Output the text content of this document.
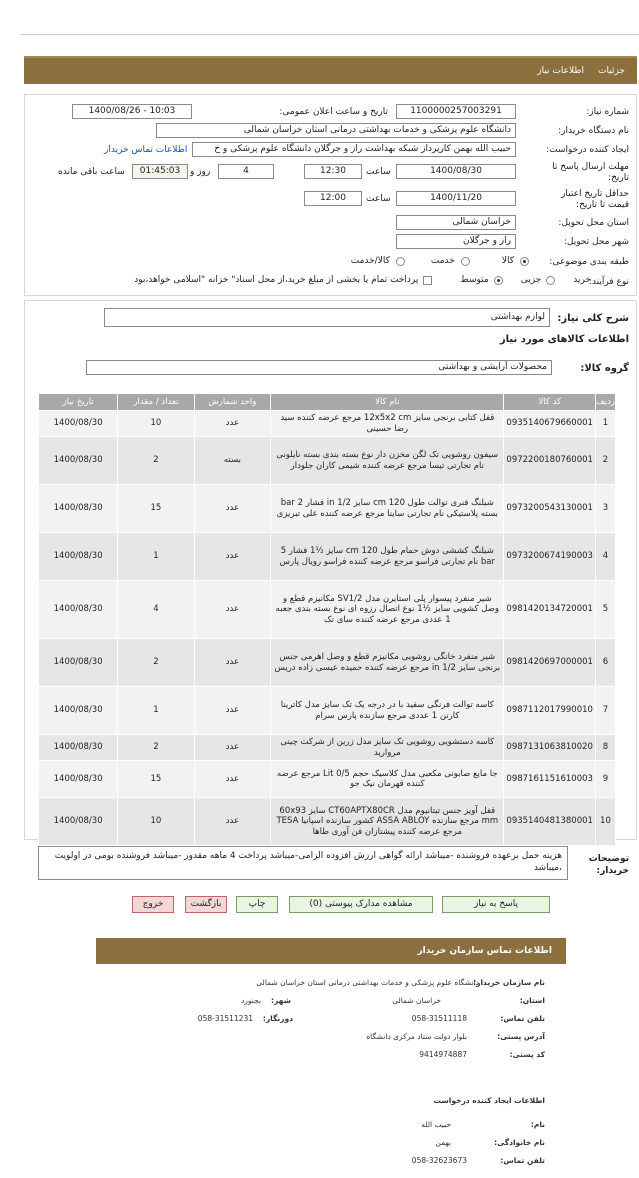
جزئیات
اطلاعات نیاز
شماره نیاز:
1100000257003291
تاریخ و ساعت اعلان عمومی:
1400/08/26 - 10:03
نام دستگاه خریدار:
دانشگاه علوم پزشکی و خدمات بهداشتی درمانی استان خراسان شمالی
ایجاد کننده درخواست:
حبیب الله بهمن کارپرداز شبکه بهداشت راز و جرگلان دانشگاه علوم پزشکی و خ
اطلاعات تماس خریدار
مهلت ارسال پاسخ تا تاریخ:
1400/08/30
ساعت
12:30
4
روز و
01:45:03
ساعت باقی مانده
حداقل تاریخ اعتبار قیمت تا تاریخ:
1400/11/20
ساعت
12:00
استان محل تحویل:
خراسان شمالی
شهر محل تحویل:
راز و جرگلان
طبقه بندی موضوعی:
کالا
خدمت
کالا/خدمت
نوع فرآیند:
خرید
جزیی
متوسط
پرداخت تمام یا بخشی از مبلغ خرید،از محل اسناد" خزانه "اسلامی خواهد،بود
شرح کلی نیاز:
لوازم بهداشتی
اطلاعات کالاهای مورد نیاز
گروه کالا:
محصولات آرایشی و بهداشتی
ردیف	کد کالا	نام کالا	واحد شمارش	تعداد / مقدار	تاریخ نیاز
1	0935140679660001	قفل کتابی برنجی سایز 12x5x2 cm مرجع عرضه کننده سید رضا حسینی	عدد	10	1400/08/30
2	0972200180760001	سیفون روشویی تک لگن مخزن دار نوع بسته بندی بسته نایلونی نام تجارتی تیسا مرجع عرضه کننده شیمی کاران جلودار	بسته	2	1400/08/30
3	0973200543130001	شیلنگ فنری توالت طول 120 cm سایز 1/2 in فشار 2 bar بسته پلاستیکی نام تجارتی ساینا مرجع عرضه کننده علی تبریزی	عدد	15	1400/08/30
4	0973200674190003	شیلنگ کششی دوش حمام طول 120 cm سایز ½1 فشار 5 bar نام تجارتی فراسو مرجع عرضه کننده فراسو رویال پارس	عدد	1	1400/08/30
5	0981420134720001	شیر منفرد پیسوار پلی استایرن مدل SV1/2 مکانیزم قطع و وصل کشویی سایز ½1 نوع اتصال رزوه ای نوع بسته بندی جعبه 1 عددی مرجع عرضه کننده سای تک	عدد	4	1400/08/30
6	0981420697000001	شیر منفرد خانگی روشویی مکانیزم قطع و وصل اهرمی جنس برنجی سایز 1/2 in مرجع عرضه کننده حمیده عیسی زاده دریس	عدد	2	1400/08/30
7	0987112017990010	کاسه توالت فرنگی سفید با در درجه یک تک سایز مدل کاترینا کارتن 1 عددی مرجع سازنده پارس سرام	عدد	1	1400/08/30
8	0987131063810020	کاسه دستشویی روشویی تک سایز مدل زرین از شرکت چینی مروارید	عدد	2	1400/08/30
9	0987161151610003	جا مایع صابونی مکعبی مدل کلاسیک حجم 0/5 Lit مرجع عرضه کننده قهرمان نیک جو	عدد	15	1400/08/30
10	0935140481380001	قفل آویز جنس تیتانیوم مدل CT60APTX80CR سایز 60x93 mm مرجع سازنده ASSA ABLOY کشور سازنده اسپانیا TESA مرجع عرضه کننده پیشتازان فن آوری طاها	عدد	10	1400/08/30
توضیحات خریدار:
هزینه حمل برعهده فروشنده -میباشد ارائه گواهی ارزش افزوده الزامی-میباشد پرداخت 4 ماهه مقدور -میباشد فروشنده بومی در اولویت ،میباشد
پاسخ به نیاز
مشاهده مدارک پیوستی (0)
چاپ
بازگشت
خروج
اطلاعات تماس سازمان خریدار
نام سازمان خریدار:
دانشگاه علوم پزشکی و خدمات بهداشتی درمانی استان خراسان شمالی
استان:
خراسان شمالی
شهر:
بجنورد
تلفن تماس:
058-31511118
دورنگار:
058-31511231
آدرس پستی:
بلوار دولت ستاد مرکزی دانشگاه
کد پستی:
9414974887
اطلاعات ایجاد کننده درخواست
نام:
حبیب الله
نام خانوادگی:
بهمن
تلفن تماس:
058-32623673
